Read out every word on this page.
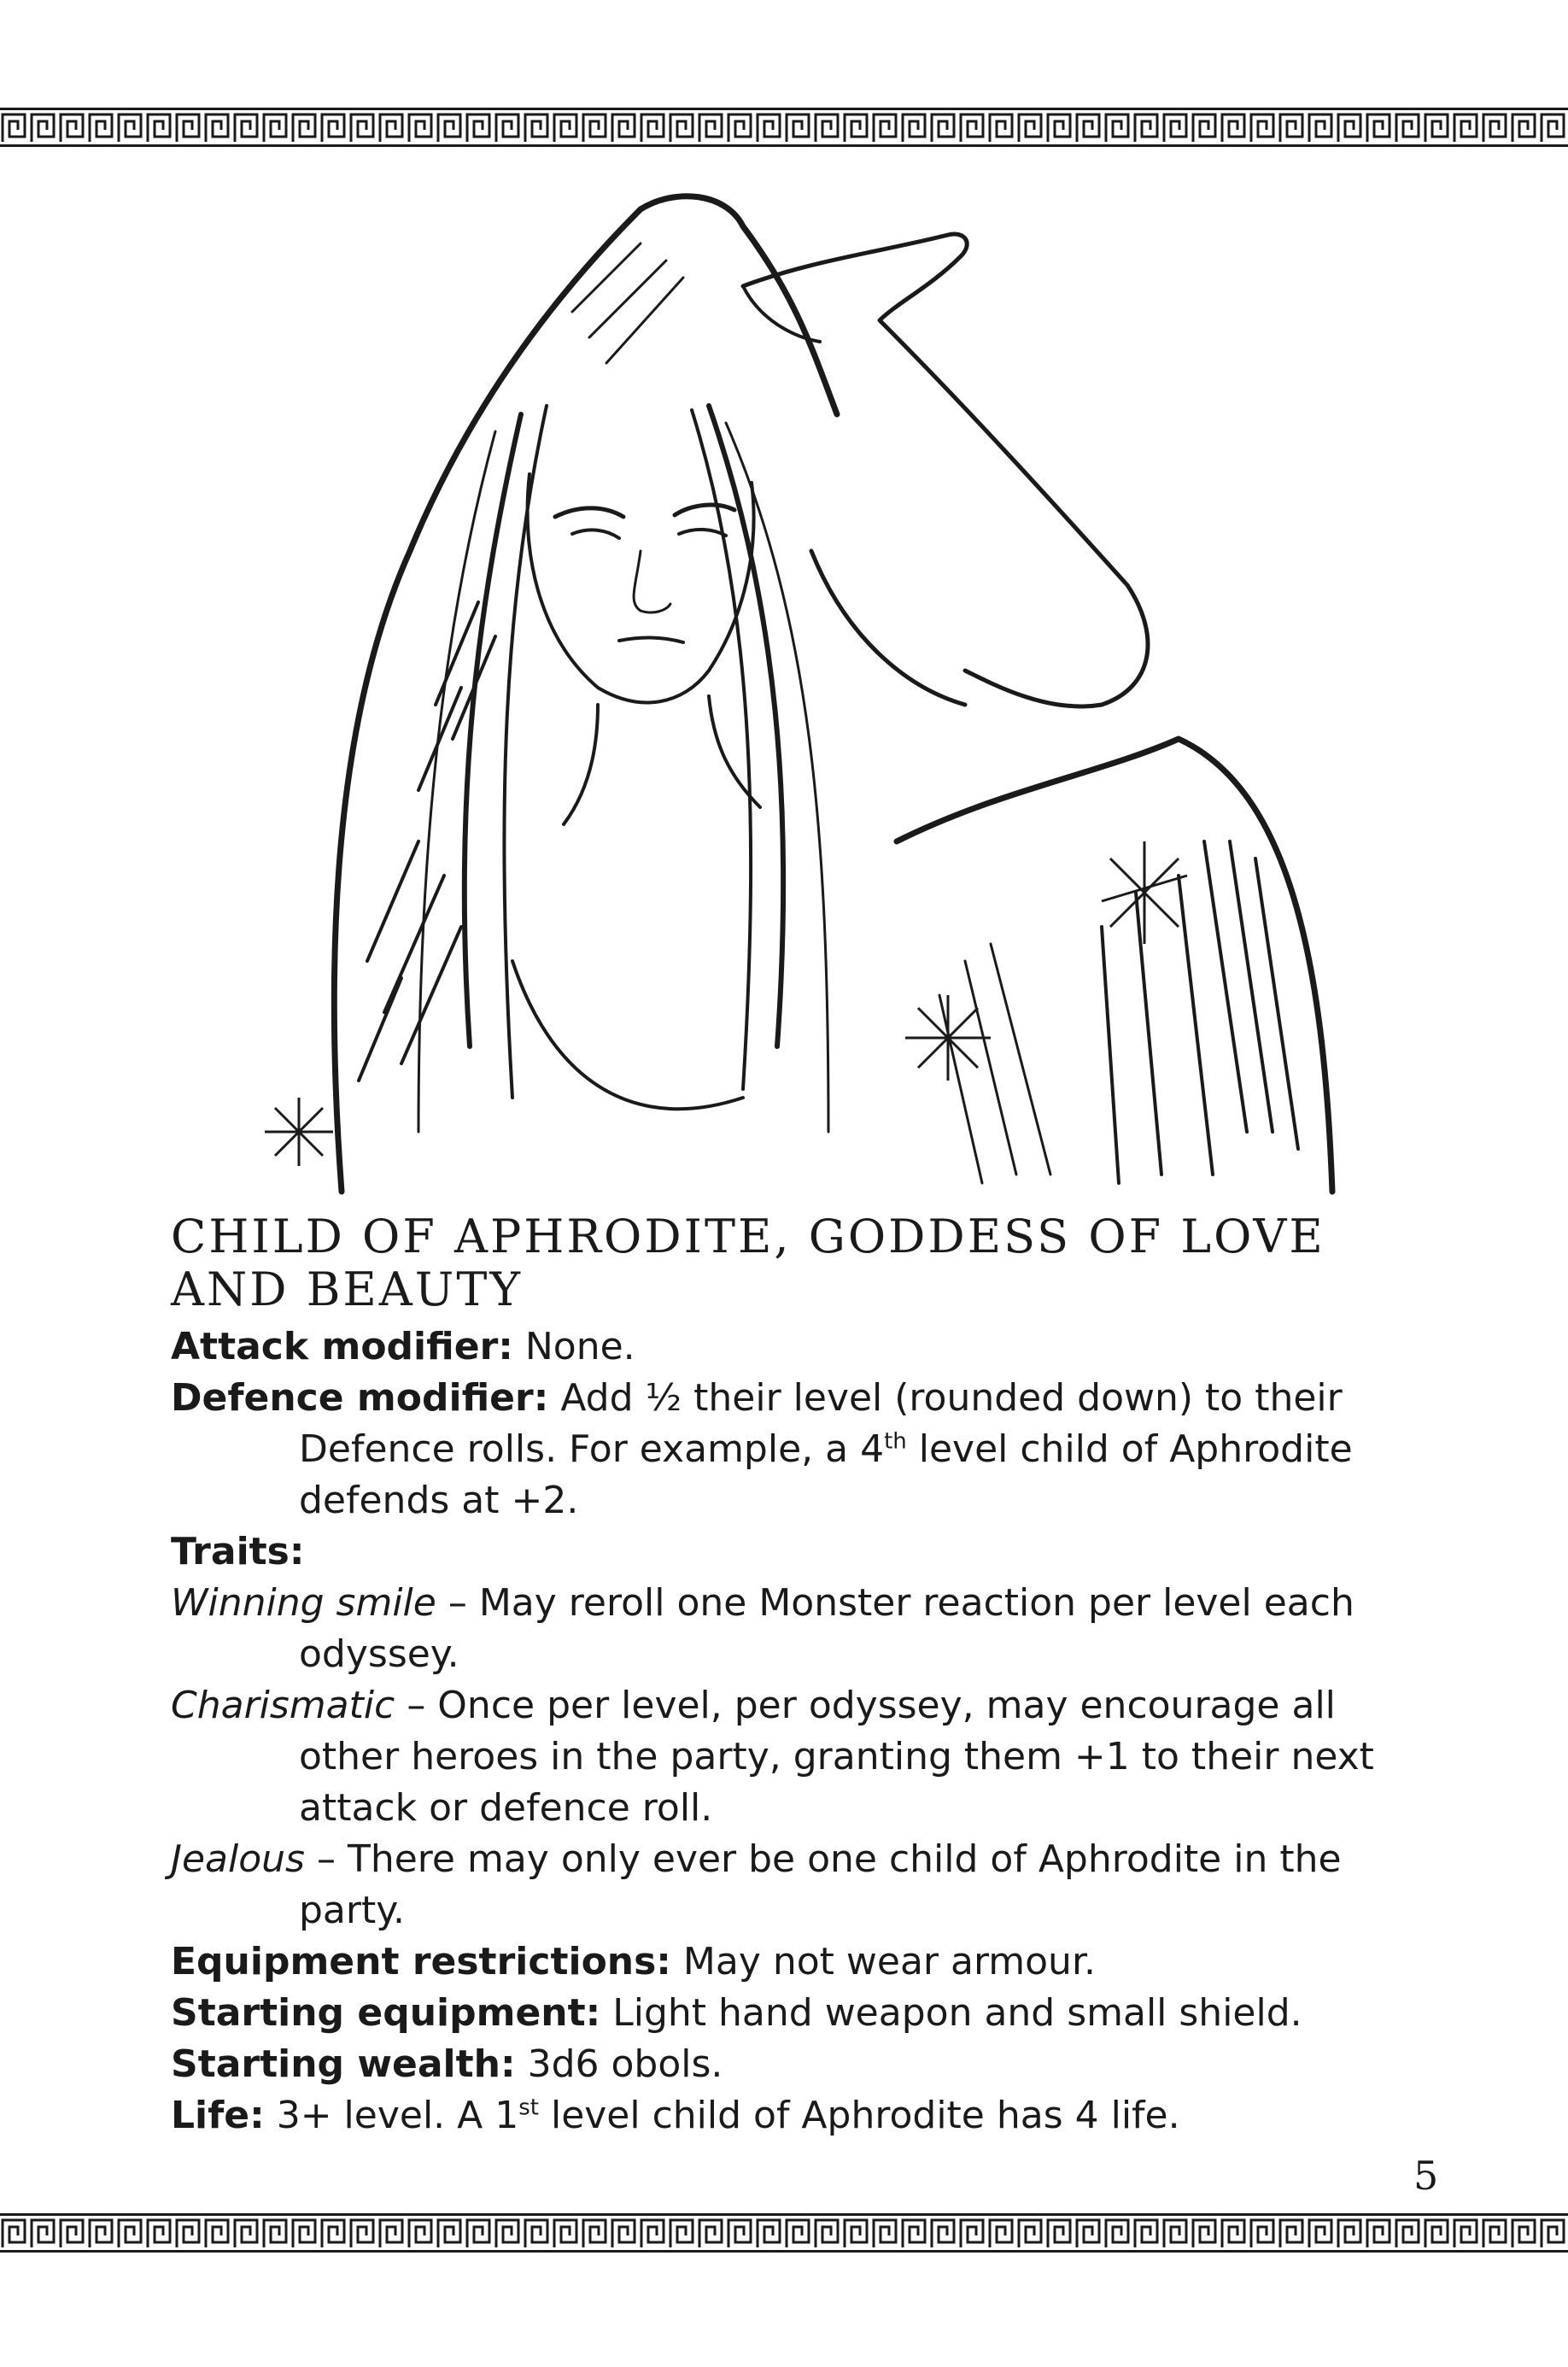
CHILD OF APHRODITE, GODDESS OF LOVE AND BEAUTY

Attack modifier: None.

Defence modifier: Add ½ their level (rounded down) to their Defence rolls. For example, a 4th level child of Aphrodite defends at +2.

Traits:

Winning smile – May reroll one Monster reaction per level each odyssey.

Charismatic – Once per level, per odyssey, may encourage all other heroes in the party, granting them +1 to their next attack or defence roll.

Jealous – There may only ever be one child of Aphrodite in the party.

Equipment restrictions: May not wear armour.

Starting equipment: Light hand weapon and small shield.

Starting wealth: 3d6 obols.

Life: 3+ level. A 1st level child of Aphrodite has 4 life.

5
